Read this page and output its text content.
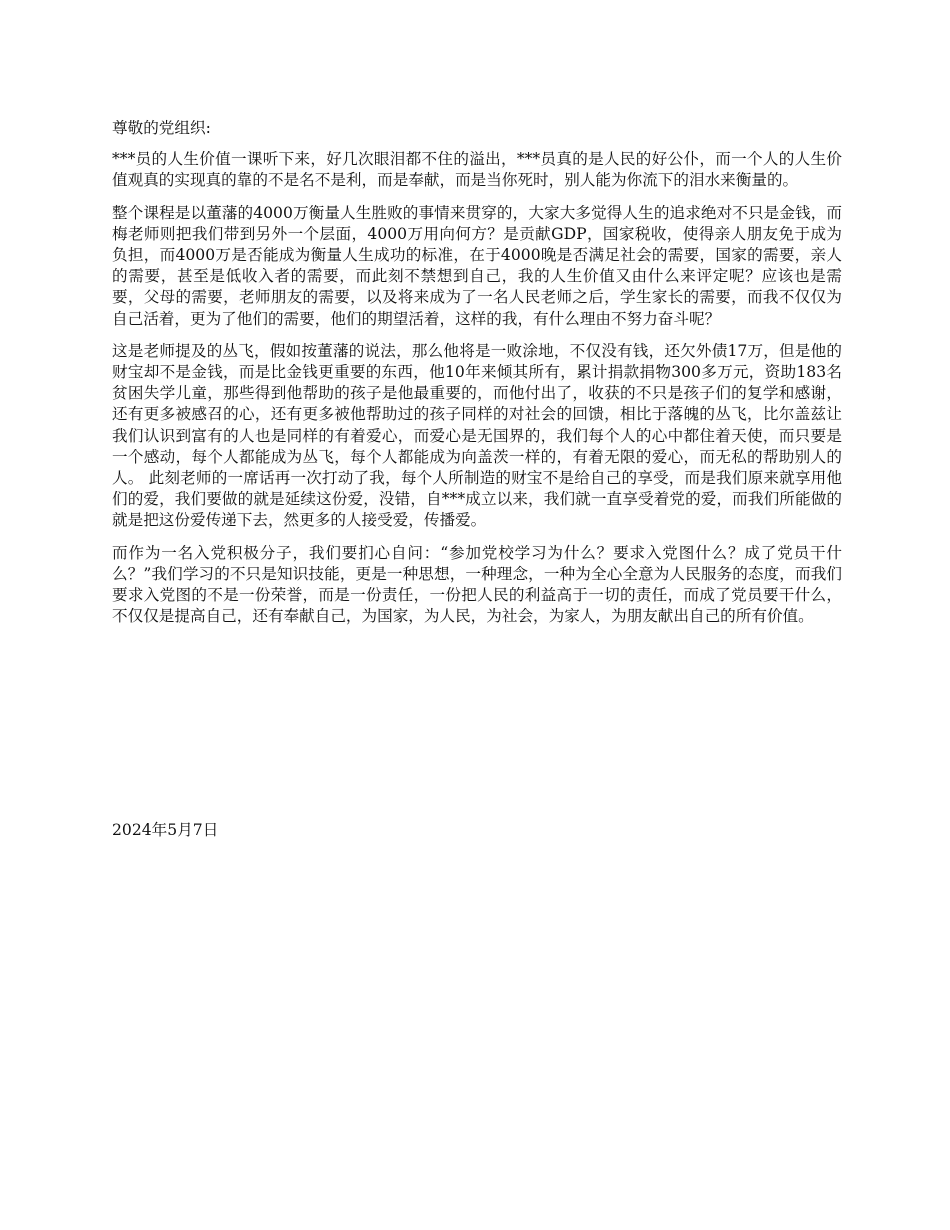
尊敬的党组织:

***员的人生价值一课听下来，好几次眼泪都不住的溢出，***员真的是人民的好公仆，而一个人的人生价值观真的实现真的靠的不是名不是利，而是奉献，而是当你死时，别人能为你流下的泪水来衡量的。

整个课程是以董藩的4000万衡量人生胜败的事情来贯穿的，大家大多觉得人生的追求绝对不只是金钱，而梅老师则把我们带到另外一个层面，4000万用向何方？是贡献GDP，国家税收，使得亲人朋友免于成为负担，而4000万是否能成为衡量人生成功的标准，在于4000晚是否满足社会的需要，国家的需要，亲人的需要，甚至是低收入者的需要，而此刻不禁想到自己，我的人生价值又由什么来评定呢？应该也是需要，父母的需要，老师朋友的需要，以及将来成为了一名人民老师之后，学生家长的需要，而我不仅仅为自己活着，更为了他们的需要，他们的期望活着，这样的我，有什么理由不努力奋斗呢？

这是老师提及的丛飞，假如按董藩的说法，那么他将是一败涂地，不仅没有钱，还欠外债17万，但是他的财宝却不是金钱，而是比金钱更重要的东西，他10年来倾其所有，累计捐款捐物300多万元，资助183名贫困失学儿童，那些得到他帮助的孩子是他最重要的，而他付出了，收获的不只是孩子们的复学和感谢，还有更多被感召的心，还有更多被他帮助过的孩子同样的对社会的回馈，相比于落魄的丛飞，比尔盖兹让我们认识到富有的人也是同样的有着爱心，而爱心是无国界的，我们每个人的心中都住着天使，而只要是一个感动，每个人都能成为丛飞，每个人都能成为向盖茨一样的，有着无限的爱心，而无私的帮助别人的人。 此刻老师的一席话再一次打动了我，每个人所制造的财宝不是给自己的享受，而是我们原来就享用他们的爱，我们要做的就是延续这份爱，没错，自***成立以来，我们就一直享受着党的爱，而我们所能做的就是把这份爱传递下去，然更多的人接受爱，传播爱。

而作为一名入党积极分子，我们要扪心自问：“参加党校学习为什么？要求入党图什么？成了党员干什么？”我们学习的不只是知识技能，更是一种思想，一种理念，一种为全心全意为人民服务的态度，而我们要求入党图的不是一份荣誉，而是一份责任，一份把人民的利益高于一切的责任，而成了党员要干什么，不仅仅是提高自己，还有奉献自己，为国家，为人民，为社会，为家人，为朋友献出自己的所有价值。

2024年5月7日
